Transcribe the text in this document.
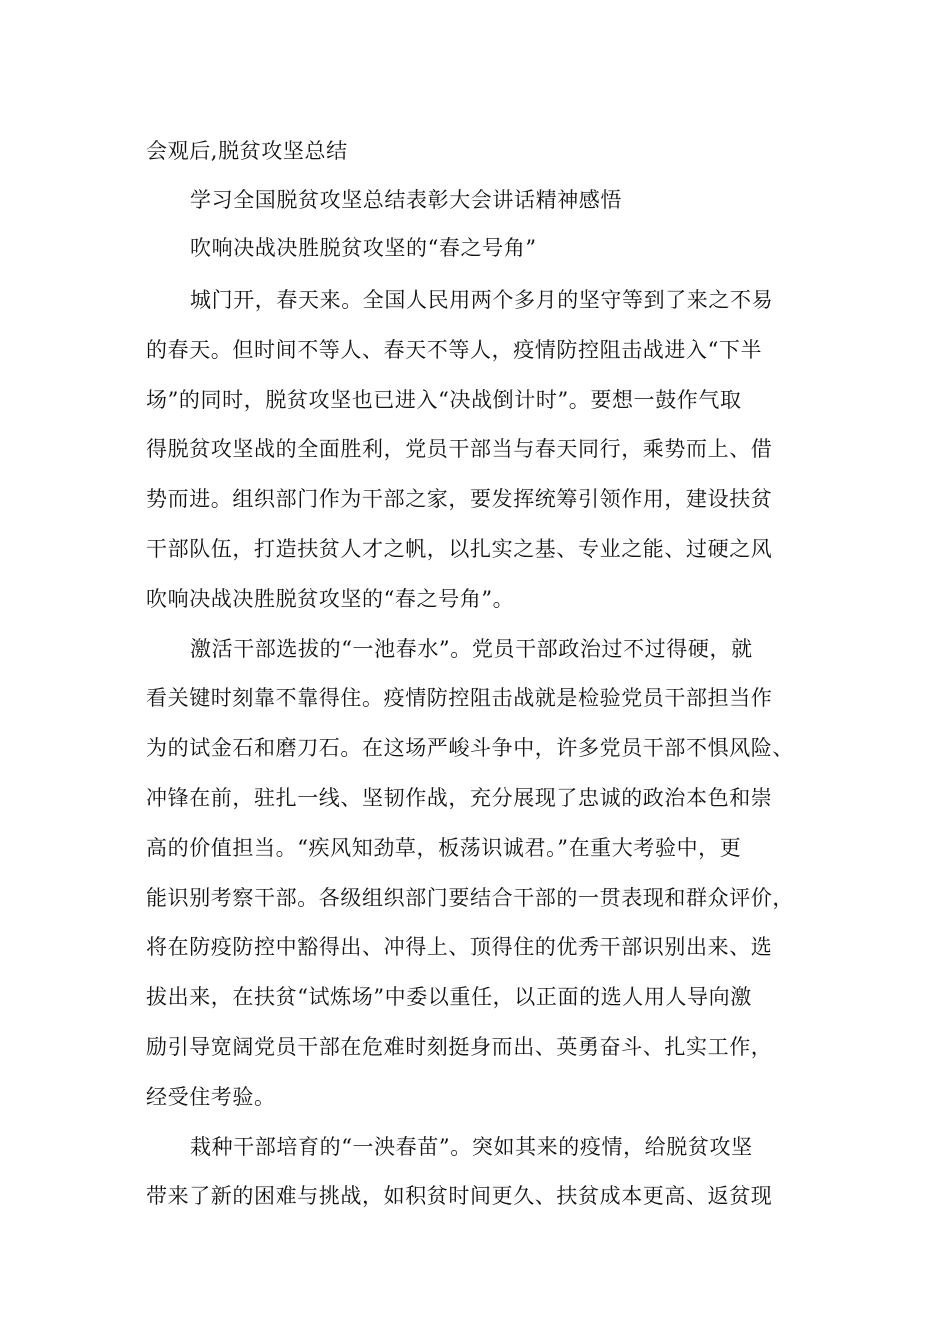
会观后,脱贫攻坚总结
学习全国脱贫攻坚总结表彰大会讲话精神感悟
吹响决战决胜脱贫攻坚的“春之号角”
城门开，春天来。全国人民用两个多月的坚守等到了来之不易
的春天。但时间不等人、春天不等人，疫情防控阻击战进入“下半
场”的同时，脱贫攻坚也已进入“决战倒计时”。要想一鼓作气取
得脱贫攻坚战的全面胜利，党员干部当与春天同行，乘势而上、借
势而进。组织部门作为干部之家，要发挥统筹引领作用，建设扶贫
干部队伍，打造扶贫人才之帆，以扎实之基、专业之能、过硬之风
吹响决战决胜脱贫攻坚的“春之号角”。
激活干部选拔的“一池春水”。党员干部政治过不过得硬，就
看关键时刻靠不靠得住。疫情防控阻击战就是检验党员干部担当作
为的试金石和磨刀石。在这场严峻斗争中，许多党员干部不惧风险、
冲锋在前，驻扎一线、坚韧作战，充分展现了忠诚的政治本色和崇
高的价值担当。“疾风知劲草，板荡识诚君。”在重大考验中，更
能识别考察干部。各级组织部门要结合干部的一贯表现和群众评价，
将在防疫防控中豁得出、冲得上、顶得住的优秀干部识别出来、选
拔出来，在扶贫“试炼场”中委以重任，以正面的选人用人导向激
励引导宽阔党员干部在危难时刻挺身而出、英勇奋斗、扎实工作，
经受住考验。
栽种干部培育的“一泱春苗”。突如其来的疫情，给脱贫攻坚
带来了新的困难与挑战，如积贫时间更久、扶贫成本更高、返贫现
